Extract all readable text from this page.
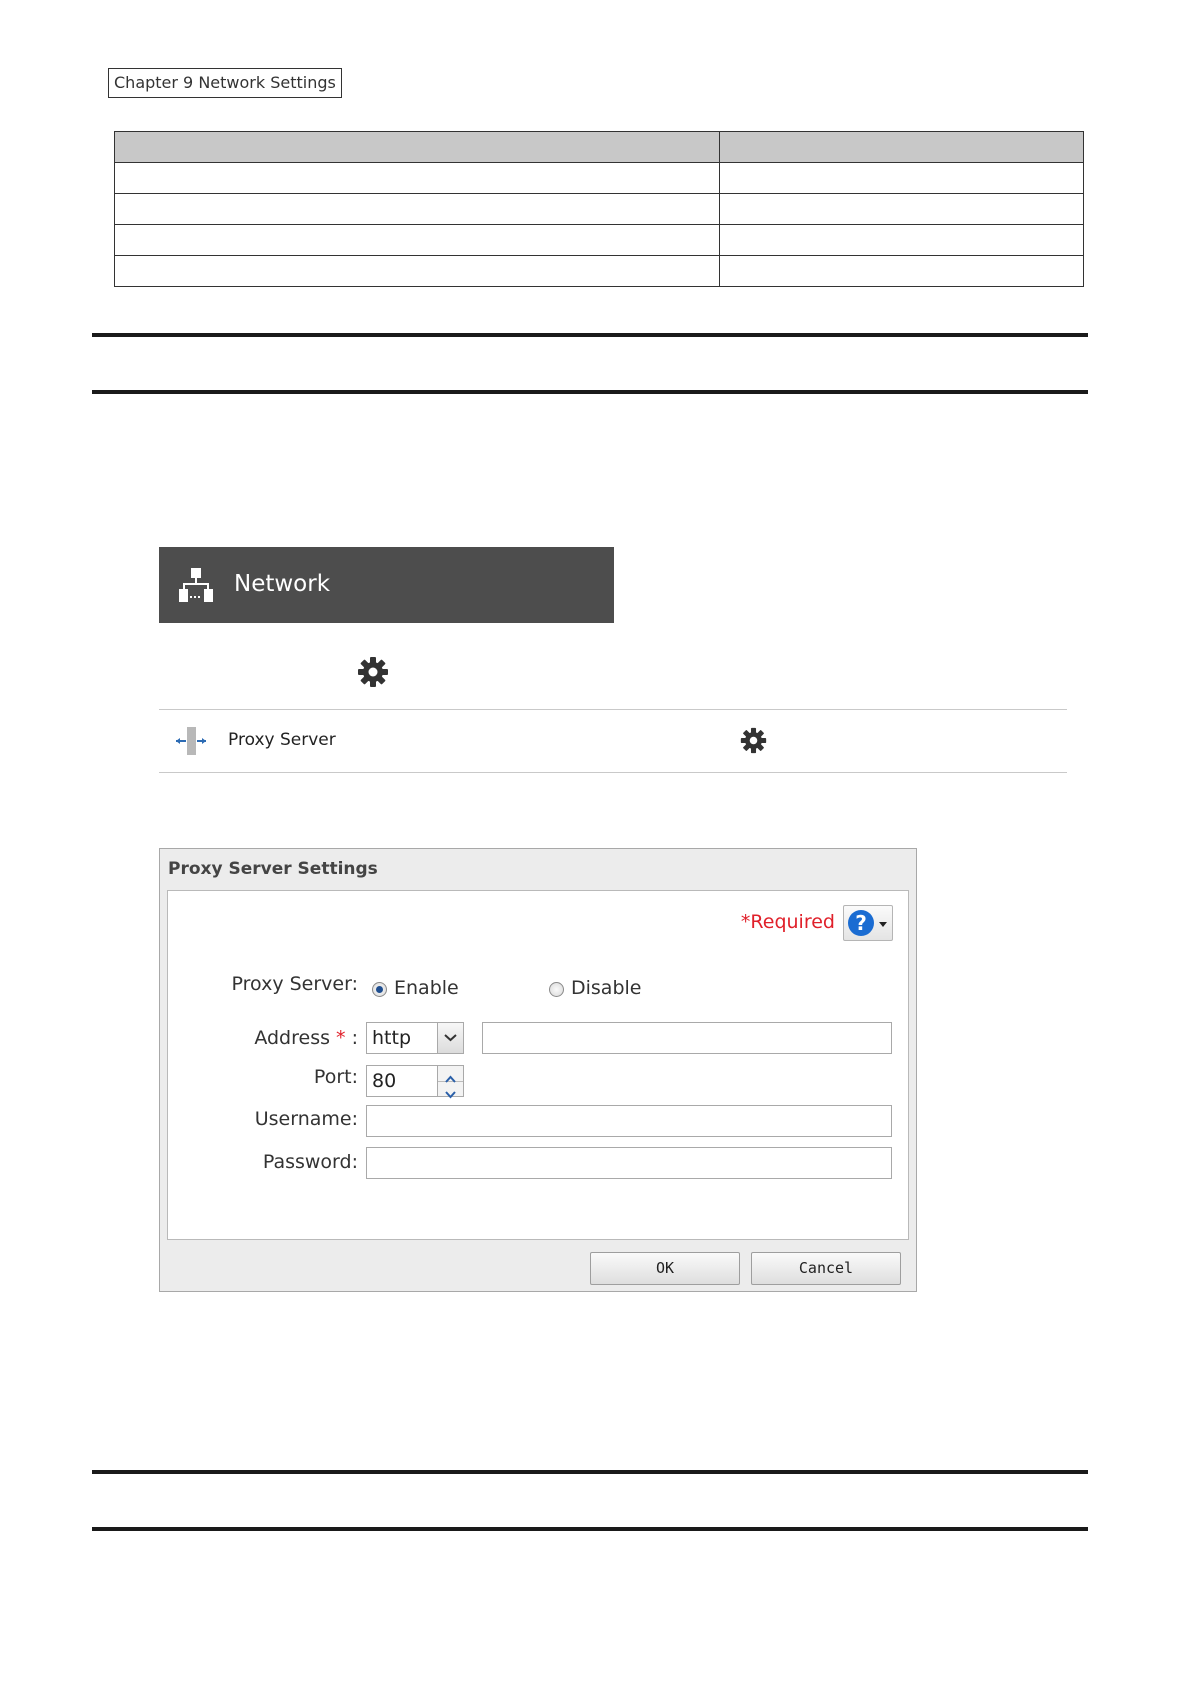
Chapter 9 Network Settings

Network
Proxy Server
Proxy Server Settings
*Required	?
Proxy Server: Enable	Disable
Address * : http
Port: 80
Username:
Password:
OK	Cancel
